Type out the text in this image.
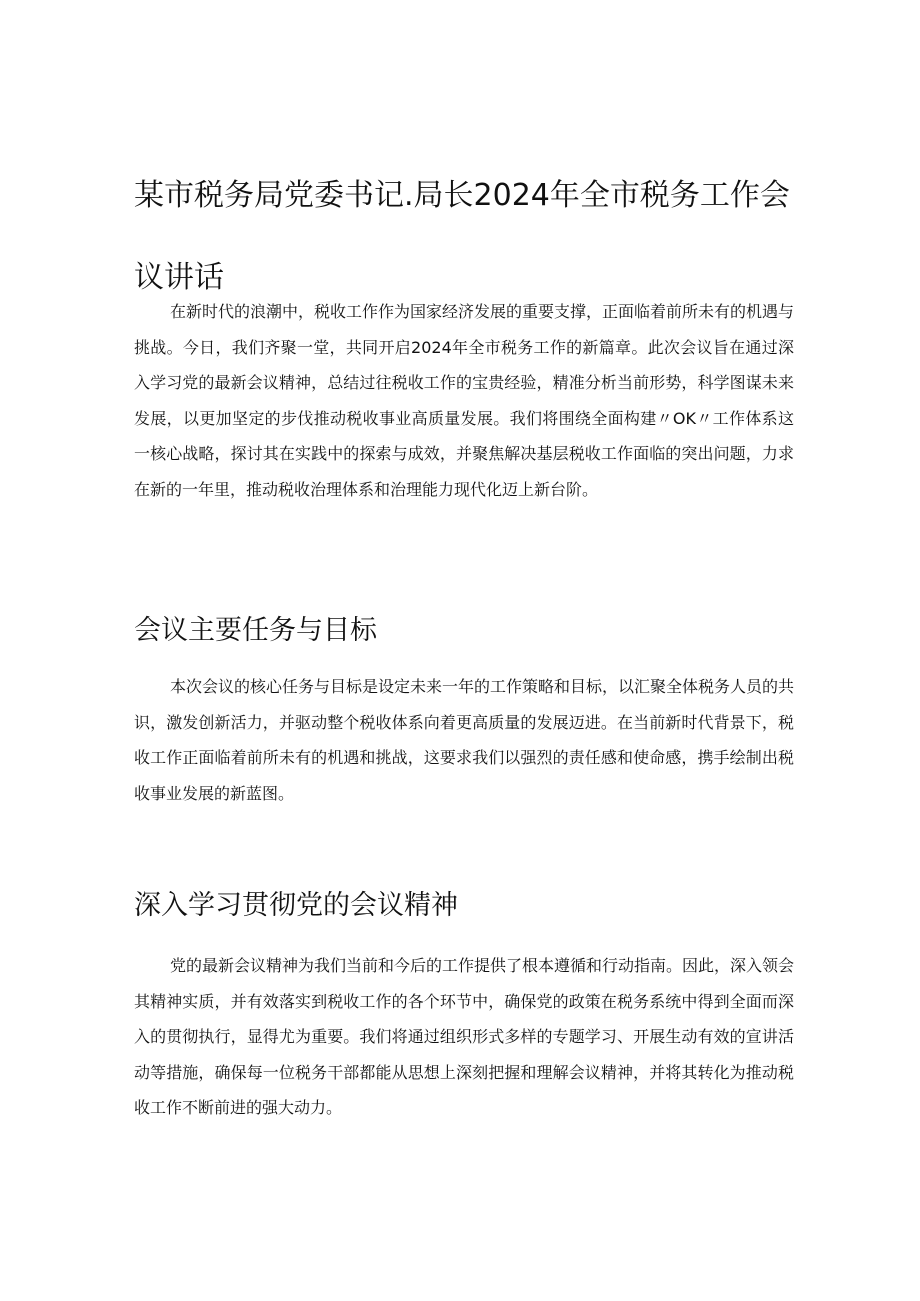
某市税务局党委书记.局长2024年全市税务工作会议讲话

在新时代的浪潮中，税收工作作为国家经济发展的重要支撑，正面临着前所未有的机遇与挑战。今日，我们齐聚一堂，共同开启2024年全市税务工作的新篇章。此次会议旨在通过深入学习党的最新会议精神，总结过往税收工作的宝贵经验，精准分析当前形势，科学图谋未来发展，以更加坚定的步伐推动税收事业高质量发展。我们将围绕全面构建〃OK〃工作体系这一核心战略，探讨其在实践中的探索与成效，并聚焦解决基层税收工作面临的突出问题，力求在新的一年里，推动税收治理体系和治理能力现代化迈上新台阶。

会议主要任务与目标

本次会议的核心任务与目标是设定未来一年的工作策略和目标，以汇聚全体税务人员的共识，激发创新活力，并驱动整个税收体系向着更高质量的发展迈进。在当前新时代背景下，税收工作正面临着前所未有的机遇和挑战，这要求我们以强烈的责任感和使命感，携手绘制出税收事业发展的新蓝图。

深入学习贯彻党的会议精神

党的最新会议精神为我们当前和今后的工作提供了根本遵循和行动指南。因此，深入领会其精神实质，并有效落实到税收工作的各个环节中，确保党的政策在税务系统中得到全面而深入的贯彻执行，显得尤为重要。我们将通过组织形式多样的专题学习、开展生动有效的宣讲活动等措施，确保每一位税务干部都能从思想上深刻把握和理解会议精神，并将其转化为推动税收工作不断前进的强大动力。
